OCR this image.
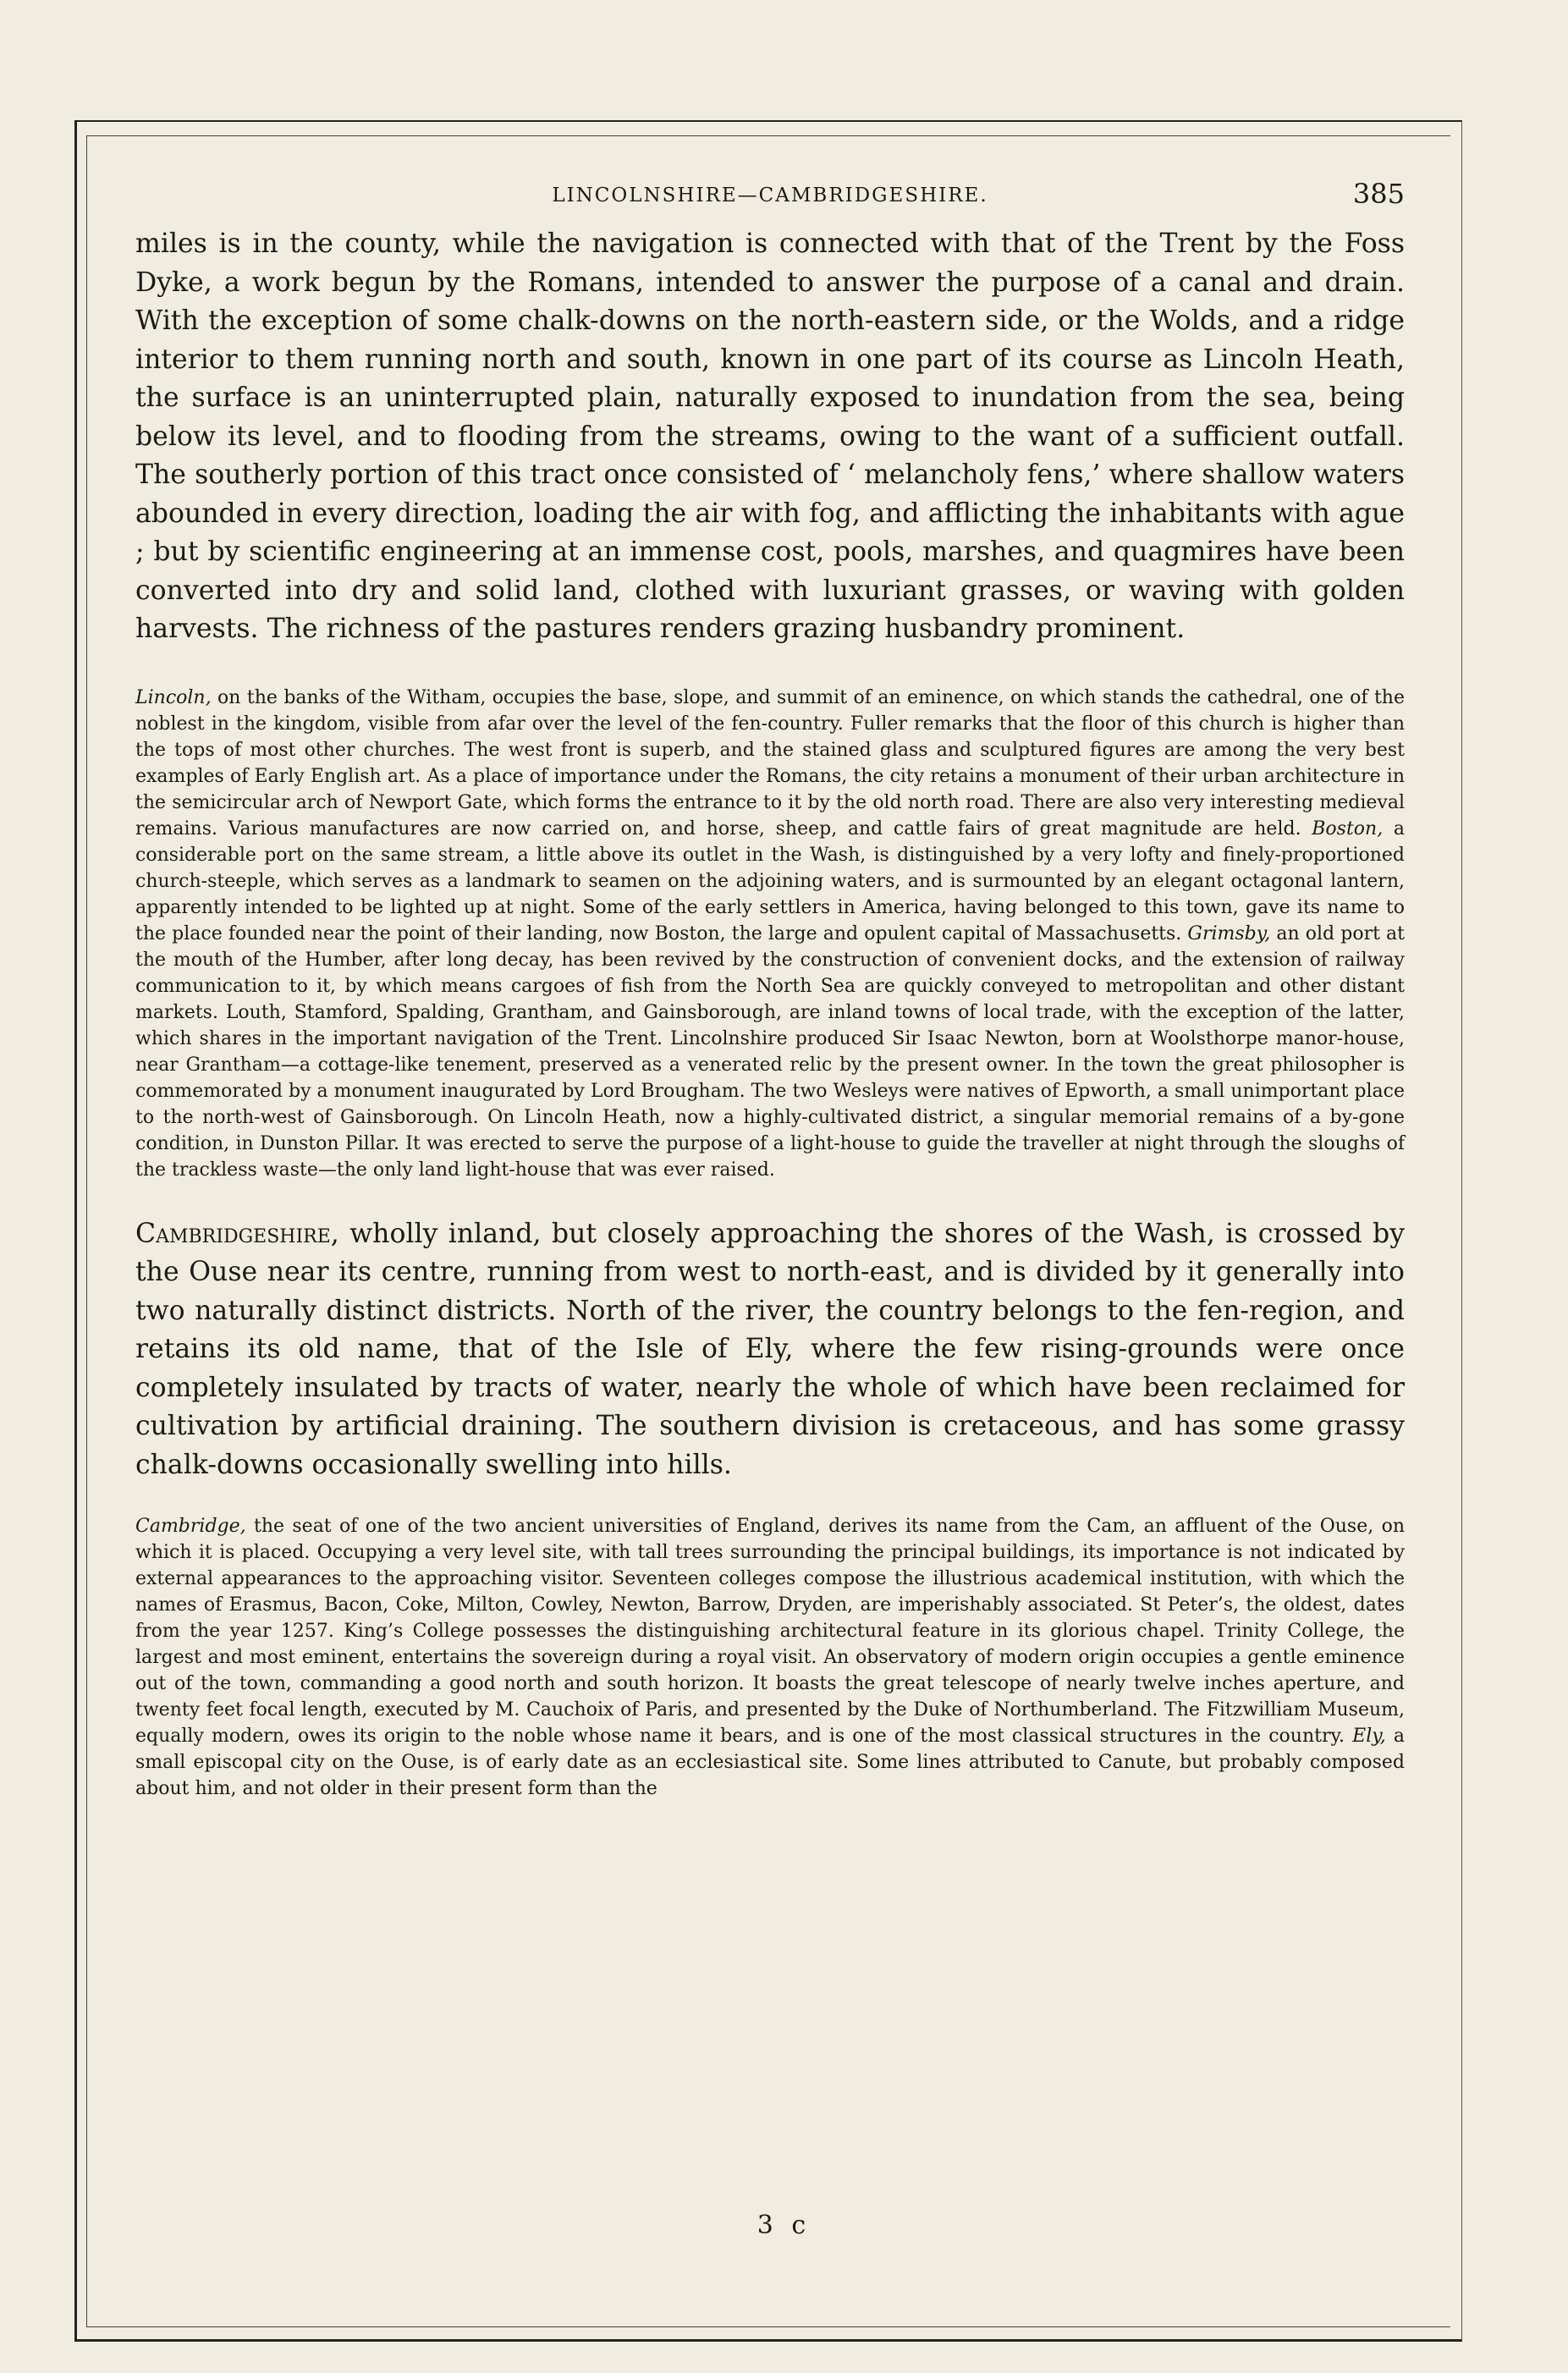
LINCOLNSHIRE—CAMBRIDGESHIRE.	385

miles is in the county, while the navigation is connected with that of the Trent by the Foss Dyke, a work begun by the Romans, intended to answer the purpose of a canal and drain. With the exception of some chalk-downs on the north-eastern side, or the Wolds, and a ridge interior to them running north and south, known in one part of its course as Lincoln Heath, the surface is an uninterrupted plain, naturally exposed to inundation from the sea, being below its level, and to flooding from the streams, owing to the want of a sufficient outfall. The southerly portion of this tract once consisted of ‘ melancholy fens,’ where shallow waters abounded in every direction, loading the air with fog, and afflicting the inhabitants with ague ; but by scientific engineering at an immense cost, pools, marshes, and quagmires have been converted into dry and solid land, clothed with luxuriant grasses, or waving with golden harvests. The richness of the pastures renders grazing husbandry prominent.

Lincoln, on the banks of the Witham, occupies the base, slope, and summit of an eminence, on which stands the cathedral, one of the noblest in the kingdom, visible from afar over the level of the fen-country. Fuller remarks that the floor of this church is higher than the tops of most other churches. The west front is superb, and the stained glass and sculptured figures are among the very best examples of Early English art. As a place of importance under the Romans, the city retains a monument of their urban architecture in the semicircular arch of Newport Gate, which forms the entrance to it by the old north road. There are also very interesting medieval remains. Various manufactures are now carried on, and horse, sheep, and cattle fairs of great magnitude are held. Boston, a considerable port on the same stream, a little above its outlet in the Wash, is distinguished by a very lofty and finely-proportioned church-steeple, which serves as a landmark to seamen on the adjoining waters, and is surmounted by an elegant octagonal lantern, apparently intended to be lighted up at night. Some of the early settlers in America, having belonged to this town, gave its name to the place founded near the point of their landing, now Boston, the large and opulent capital of Massachusetts. Grimsby, an old port at the mouth of the Humber, after long decay, has been revived by the construction of convenient docks, and the extension of railway communication to it, by which means cargoes of fish from the North Sea are quickly conveyed to metropolitan and other distant markets. Louth, Stamford, Spalding, Grantham, and Gainsborough, are inland towns of local trade, with the exception of the latter, which shares in the important navigation of the Trent. Lincolnshire produced Sir Isaac Newton, born at Woolsthorpe manor-house, near Grantham—a cottage-like tenement, preserved as a venerated relic by the present owner. In the town the great philosopher is commemorated by a monument inaugurated by Lord Brougham. The two Wesleys were natives of Epworth, a small unimportant place to the north-west of Gainsborough. On Lincoln Heath, now a highly-cultivated district, a singular memorial remains of a by-gone condition, in Dunston Pillar. It was erected to serve the purpose of a light-house to guide the traveller at night through the sloughs of the trackless waste—the only land light-house that was ever raised.

Cambridgeshire, wholly inland, but closely approaching the shores of the Wash, is crossed by the Ouse near its centre, running from west to north-east, and is divided by it generally into two naturally distinct districts. North of the river, the country belongs to the fen-region, and retains its old name, that of the Isle of Ely, where the few rising-grounds were once completely insulated by tracts of water, nearly the whole of which have been reclaimed for cultivation by artificial draining. The southern division is cretaceous, and has some grassy chalk-downs occasionally swelling into hills.

Cambridge, the seat of one of the two ancient universities of England, derives its name from the Cam, an affluent of the Ouse, on which it is placed. Occupying a very level site, with tall trees surrounding the principal buildings, its importance is not indicated by external appearances to the approaching visitor. Seventeen colleges compose the illustrious academical institution, with which the names of Erasmus, Bacon, Coke, Milton, Cowley, Newton, Barrow, Dryden, are imperishably associated. St Peter’s, the oldest, dates from the year 1257. King’s College possesses the distinguishing architectural feature in its glorious chapel. Trinity College, the largest and most eminent, entertains the sovereign during a royal visit. An observatory of modern origin occupies a gentle eminence out of the town, commanding a good north and south horizon. It boasts the great telescope of nearly twelve inches aperture, and twenty feet focal length, executed by M. Cauchoix of Paris, and presented by the Duke of Northumberland. The Fitzwilliam Museum, equally modern, owes its origin to the noble whose name it bears, and is one of the most classical structures in the country. Ely, a small episcopal city on the Ouse, is of early date as an ecclesiastical site. Some lines attributed to Canute, but probably composed about him, and not older in their present form than the

3 c
